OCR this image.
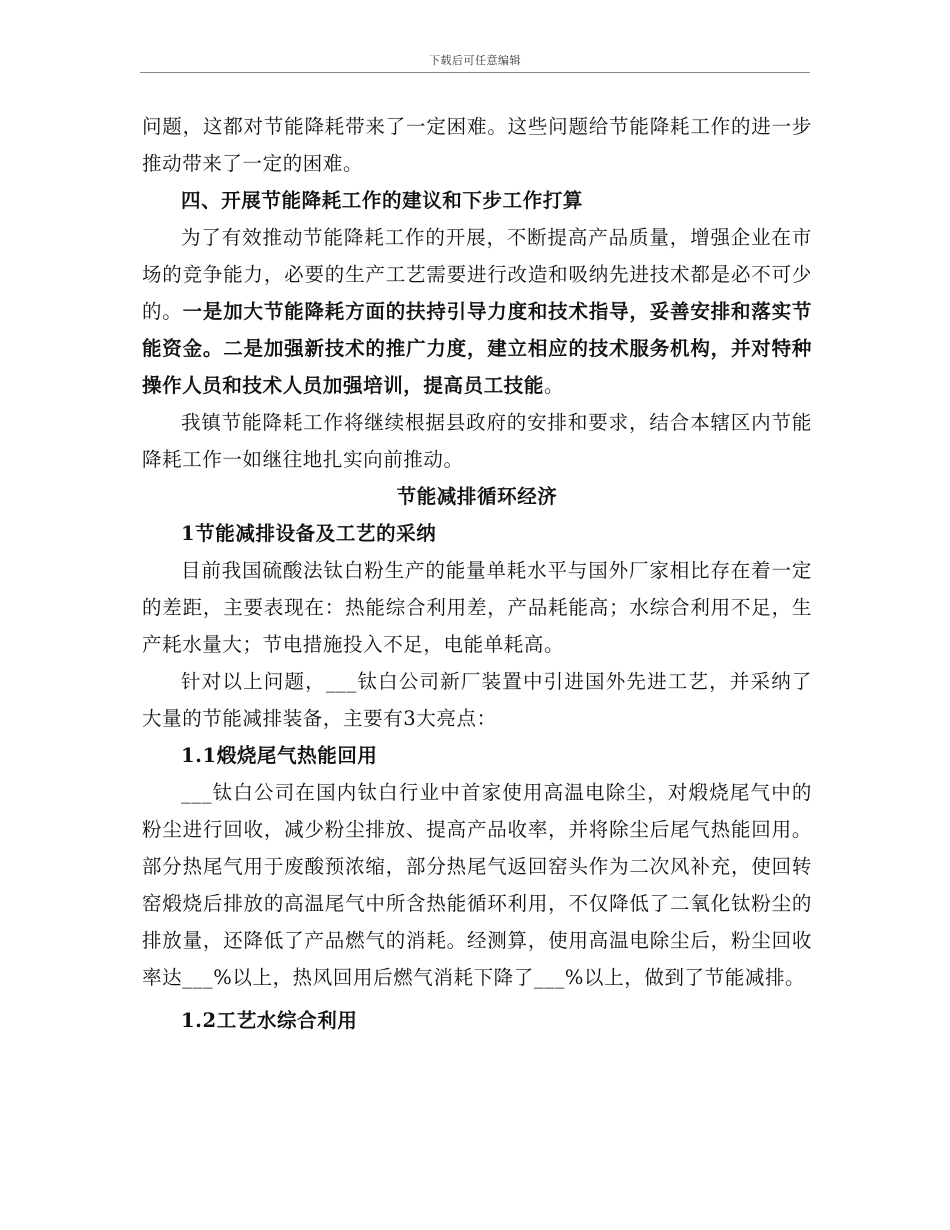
下载后可任意编辑

问题，这都对节能降耗带来了一定困难。这些问题给节能降耗工作的进一步推动带来了一定的困难。

四、开展节能降耗工作的建议和下步工作打算

为了有效推动节能降耗工作的开展，不断提高产品质量，增强企业在市场的竞争能力，必要的生产工艺需要进行改造和吸纳先进技术都是必不可少的。一是加大节能降耗方面的扶持引导力度和技术指导，妥善安排和落实节能资金。二是加强新技术的推广力度，建立相应的技术服务机构，并对特种操作人员和技术人员加强培训，提高员工技能。

我镇节能降耗工作将继续根据县政府的安排和要求，结合本辖区内节能降耗工作一如继往地扎实向前推动。

节能减排循环经济

1节能减排设备及工艺的采纳

目前我国硫酸法钛白粉生产的能量单耗水平与国外厂家相比存在着一定的差距，主要表现在：热能综合利用差，产品耗能高；水综合利用不足，生产耗水量大；节电措施投入不足，电能单耗高。

针对以上问题，___钛白公司新厂装置中引进国外先进工艺，并采纳了大量的节能减排装备，主要有3大亮点：

1.1煅烧尾气热能回用

___钛白公司在国内钛白行业中首家使用高温电除尘，对煅烧尾气中的粉尘进行回收，减少粉尘排放、提高产品收率，并将除尘后尾气热能回用。部分热尾气用于废酸预浓缩，部分热尾气返回窑头作为二次风补充，使回转窑煅烧后排放的高温尾气中所含热能循环利用，不仅降低了二氧化钛粉尘的排放量，还降低了产品燃气的消耗。经测算，使用高温电除尘后，粉尘回收率达___%以上，热风回用后燃气消耗下降了___%以上，做到了节能减排。

1.2工艺水综合利用
